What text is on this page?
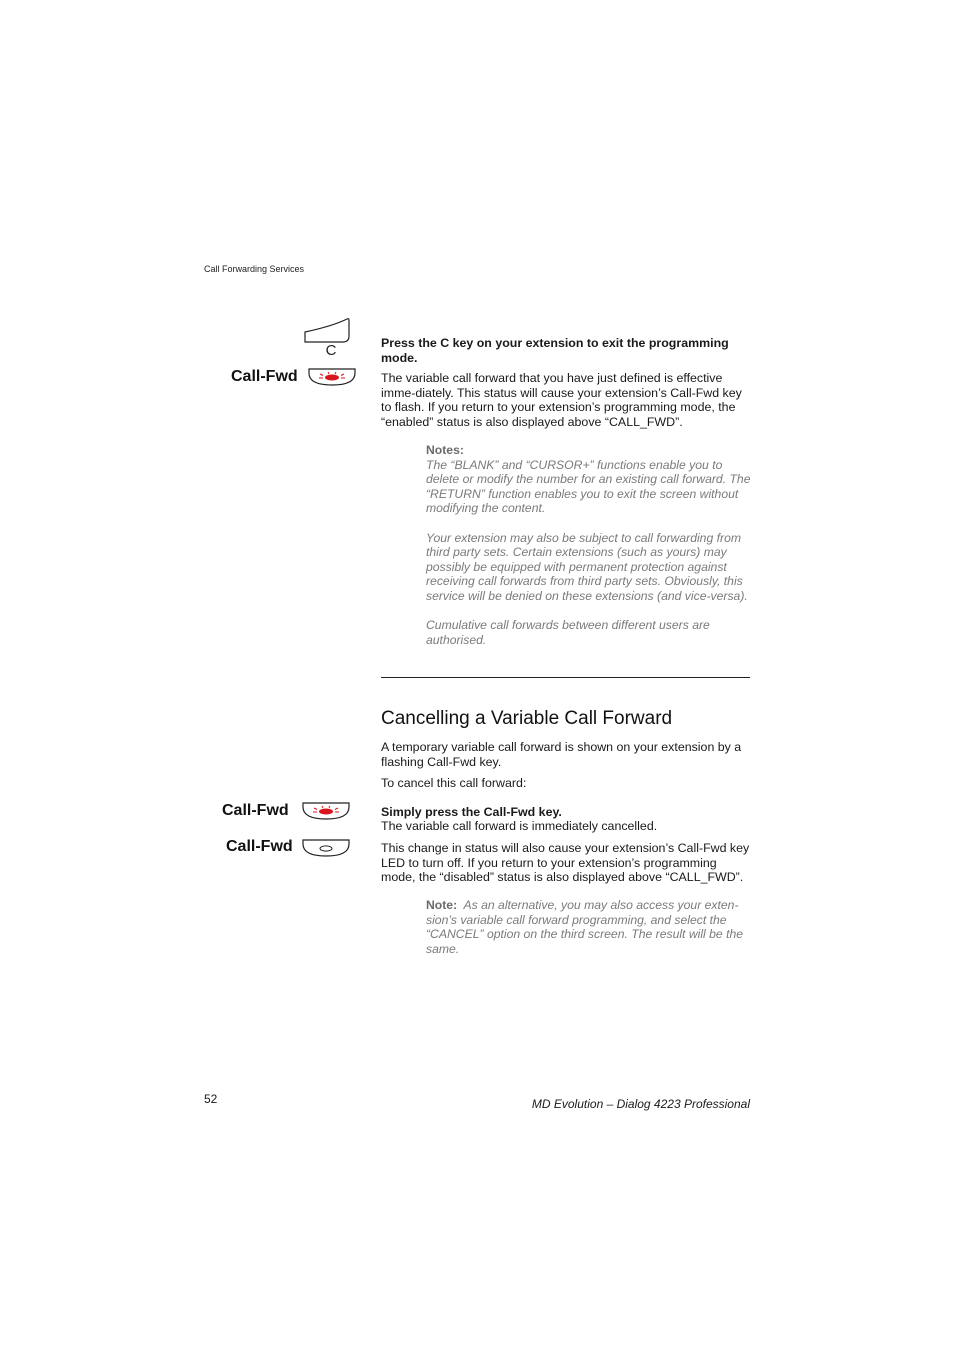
Call Forwarding Services
C
Call-Fwd
Press the C key on your extension to exit the programming mode.
The variable call forward that you have just defined is effective imme-diately. This status will cause your extension’s Call-Fwd key to flash. If you return to your extension’s programming mode, the “enabled” status is also displayed above “CALL_FWD”.
Notes:

The “BLANK” and “CURSOR+” functions enable you to delete or modify the number for an existing call forward. The “RETURN” function enables you to exit the screen without modifying the content.

Your extension may also be subject to call forwarding from third party sets. Certain extensions (such as yours) may possibly be equipped with permanent protection against receiving call forwards from third party sets. Obviously, this service will be denied on these extensions (and vice-versa).

Cumulative call forwards between different users are authorised.

Cancelling a Variable Call Forward
A temporary variable call forward is shown on your extension by a flashing Call-Fwd key.
To cancel this call forward:
Call-Fwd	Simply press the Call-Fwd key.
The variable call forward is immediately cancelled.
Call-Fwd	This change in status will also cause your extension’s Call-Fwd key LED to turn off. If you return to your extension’s programming mode, the “disabled” status is also displayed above “CALL_FWD”.
Note: As an alternative, you may also access your exten-sion’s variable call forward programming, and select the “CANCEL” option on the third screen. The result will be the same.
52	MD Evolution – Dialog 4223 Professional
